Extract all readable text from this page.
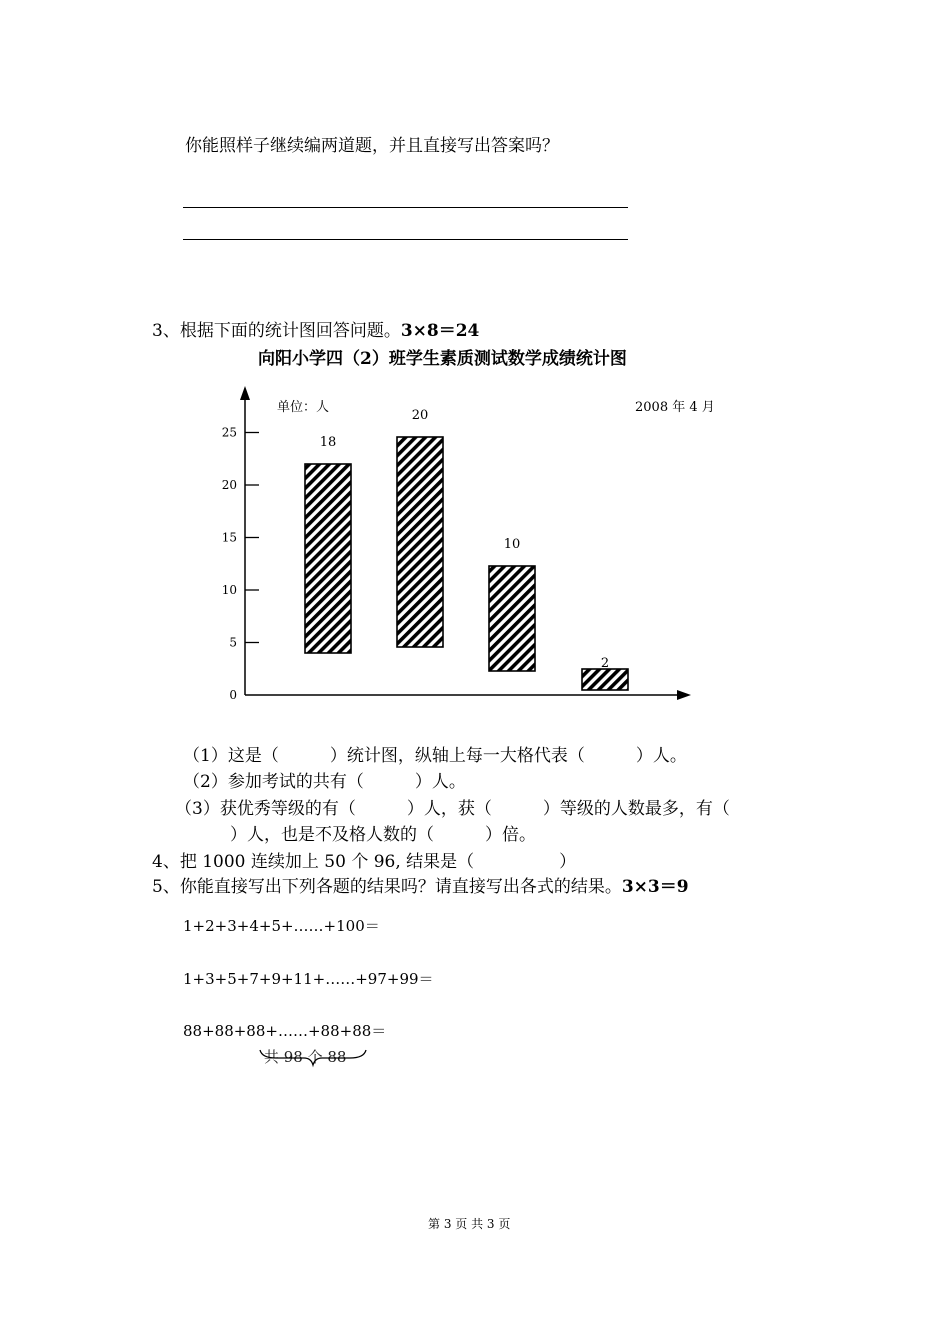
你能照样子继续编两道题，并且直接写出答案吗？
3、根据下面的统计图回答问题。3×8＝24
向阳小学四（2）班学生素质测试数学成绩统计图
0
5
10
15
20
25
18
20
10
2
单位：人	2008 年 4 月
（1）这是（　　　）统计图，纵轴上每一大格代表（　　　）人。
（2）参加考试的共有（　　　）人。
（3）获优秀等级的有（　　　）人，获（　　　）等级的人数最多，有（
　　）人，也是不及格人数的（　　　）倍。
4、把 1000 连续加上 50 个 96, 结果是（　　　　　）
5、你能直接写出下列各题的结果吗？请直接写出各式的结果。3×3＝9
1+2+3+4+5+……+100＝
1+3+5+7+9+11+……+97+99＝
88+88+88+……+88+88＝
共 98 个 88
第 3 页 共 3 页
